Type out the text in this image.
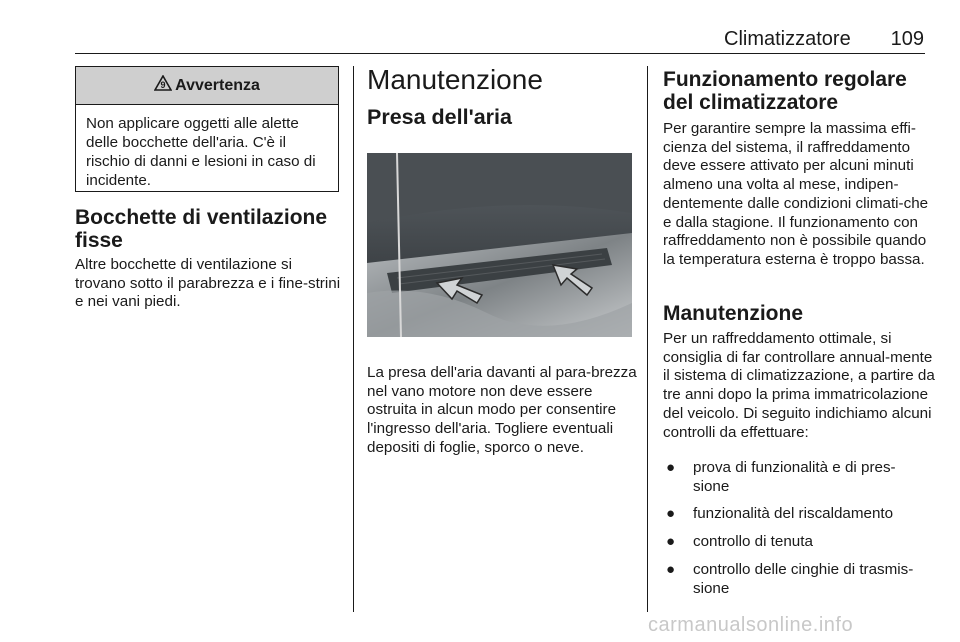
Climatizzatore 109
9 Avvertenza
Non applicare oggetti alle alette delle bocchette dell'aria. C'è il rischio di danni e lesioni in caso di incidente.
Bocchette di ventilazione fisse
Altre bocchette di ventilazione si trovano sotto il parabrezza e i fine-strini e nei vani piedi.
Manutenzione
Presa dell'aria
La presa dell'aria davanti al para-brezza nel vano motore non deve essere ostruita in alcun modo per consentire l'ingresso dell'aria. Togliere eventuali depositi di foglie, sporco o neve.
Funzionamento regolare del climatizzatore
Per garantire sempre la massima effi-cienza del sistema, il raffreddamento deve essere attivato per alcuni minuti almeno una volta al mese, indipen-dentemente dalle condizioni climati-che e dalla stagione. Il funzionamento con raffreddamento non è possibile quando la temperatura esterna è troppo bassa.
Manutenzione
Per un raffreddamento ottimale, si consiglia di far controllare annual-mente il sistema di climatizzazione, a partire da tre anni dopo la prima immatricolazione del veicolo. Di seguito indichiamo alcuni controlli da effettuare:
● prova di funzionalità e di pres-sione
● funzionalità del riscaldamento
● controllo di tenuta
● controllo delle cinghie di trasmis-sione
carmanualsonline.info
